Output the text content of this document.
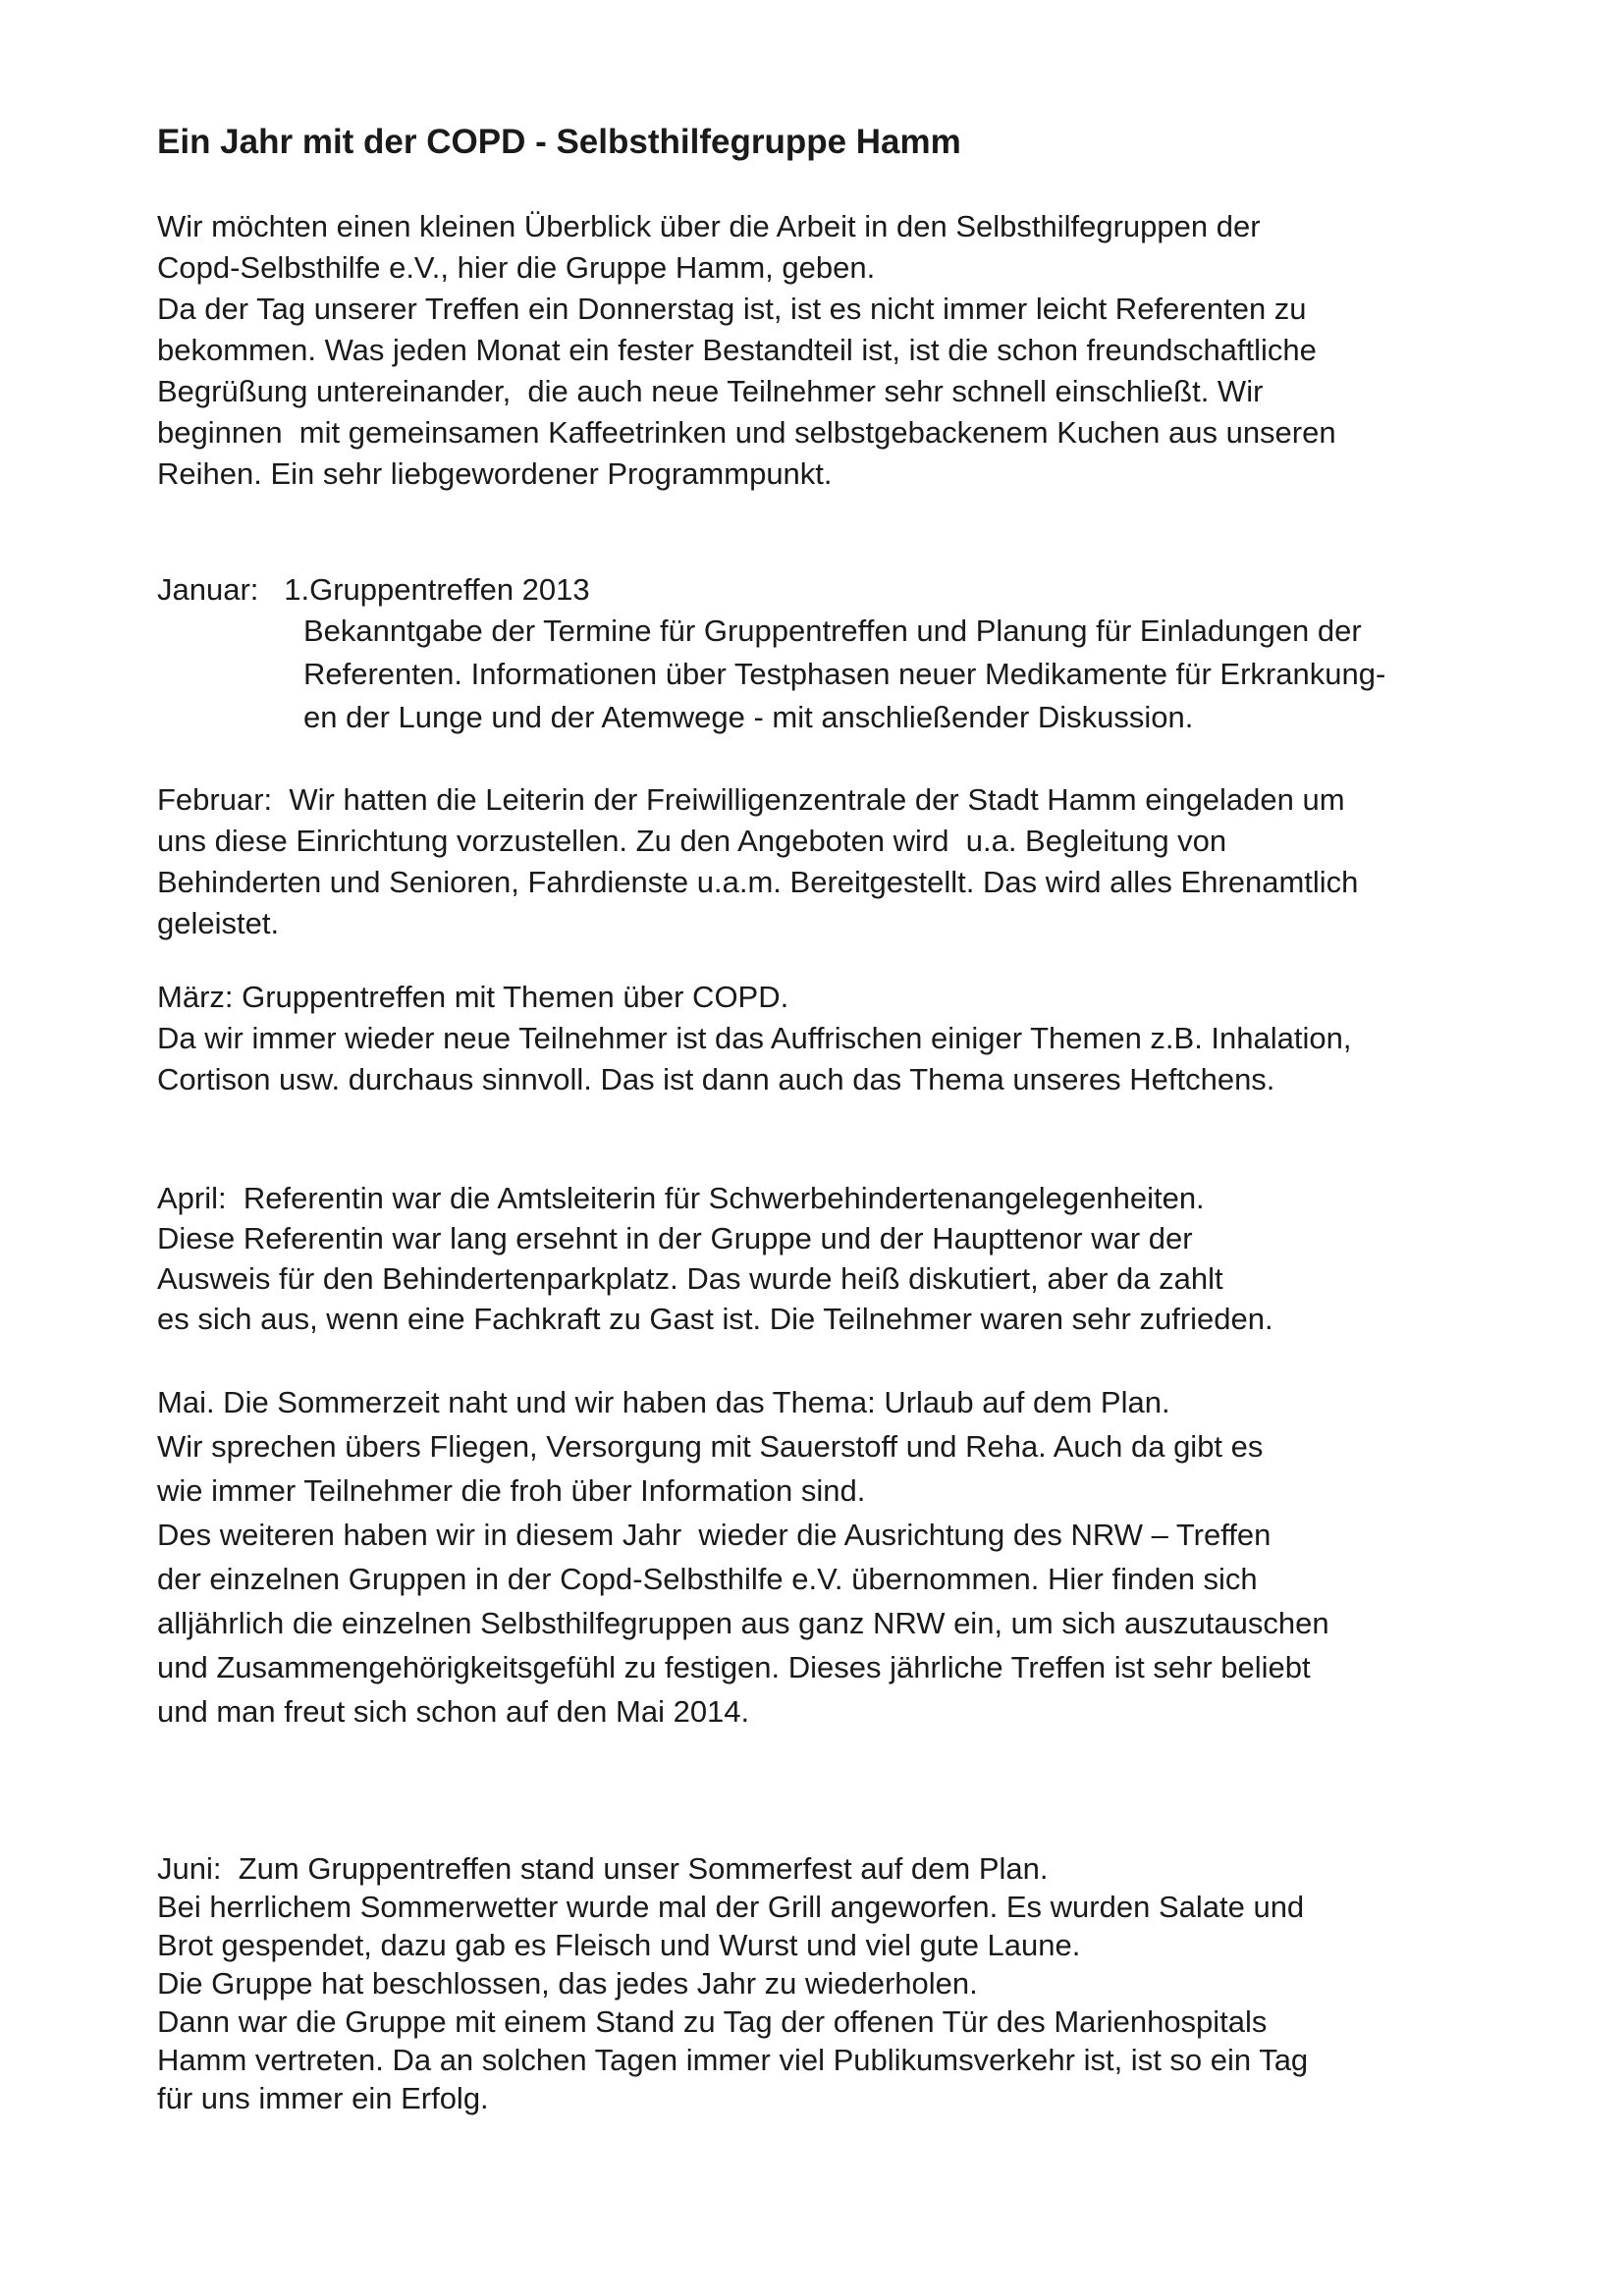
Ein Jahr mit der COPD - Selbsthilfegruppe Hamm
Wir möchten einen kleinen Überblick über die Arbeit in den Selbsthilfegruppen der
Copd-Selbsthilfe e.V., hier die Gruppe Hamm, geben.
Da der Tag unserer Treffen ein Donnerstag ist, ist es nicht immer leicht Referenten zu
bekommen. Was jeden Monat ein fester Bestandteil ist, ist die schon freundschaftliche
Begrüßung untereinander,  die auch neue Teilnehmer sehr schnell einschließt. Wir
beginnen  mit gemeinsamen Kaffeetrinken und selbstgebackenem Kuchen aus unseren
Reihen. Ein sehr liebgewordener Programmpunkt.
Januar:   1.Gruppentreffen 2013
Bekanntgabe der Termine für Gruppentreffen und Planung für Einladungen der
Referenten. Informationen über Testphasen neuer Medikamente für Erkrankung-
en der Lunge und der Atemwege - mit anschließender Diskussion.
Februar:  Wir hatten die Leiterin der Freiwilligenzentrale der Stadt Hamm eingeladen um
uns diese Einrichtung vorzustellen. Zu den Angeboten wird  u.a. Begleitung von
Behinderten und Senioren, Fahrdienste u.a.m. Bereitgestellt. Das wird alles Ehrenamtlich
geleistet.
März: Gruppentreffen mit Themen über COPD.
Da wir immer wieder neue Teilnehmer ist das Auffrischen einiger Themen z.B. Inhalation,
Cortison usw. durchaus sinnvoll. Das ist dann auch das Thema unseres Heftchens.
April:  Referentin war die Amtsleiterin für Schwerbehindertenangelegenheiten.
Diese Referentin war lang ersehnt in der Gruppe und der Haupttenor war der
Ausweis für den Behindertenparkplatz. Das wurde heiß diskutiert, aber da zahlt
es sich aus, wenn eine Fachkraft zu Gast ist. Die Teilnehmer waren sehr zufrieden.
Mai. Die Sommerzeit naht und wir haben das Thema: Urlaub auf dem Plan.
Wir sprechen übers Fliegen, Versorgung mit Sauerstoff und Reha. Auch da gibt es
wie immer Teilnehmer die froh über Information sind.
Des weiteren haben wir in diesem Jahr  wieder die Ausrichtung des NRW – Treffen
der einzelnen Gruppen in der Copd-Selbsthilfe e.V. übernommen. Hier finden sich
alljährlich die einzelnen Selbsthilfegruppen aus ganz NRW ein, um sich auszutauschen
und Zusammengehörigkeitsgefühl zu festigen. Dieses jährliche Treffen ist sehr beliebt
und man freut sich schon auf den Mai 2014.
Juni:  Zum Gruppentreffen stand unser Sommerfest auf dem Plan.
Bei herrlichem Sommerwetter wurde mal der Grill angeworfen. Es wurden Salate und
Brot gespendet, dazu gab es Fleisch und Wurst und viel gute Laune.
Die Gruppe hat beschlossen, das jedes Jahr zu wiederholen.
Dann war die Gruppe mit einem Stand zu Tag der offenen Tür des Marienhospitals
Hamm vertreten. Da an solchen Tagen immer viel Publikumsverkehr ist, ist so ein Tag
für uns immer ein Erfolg.
